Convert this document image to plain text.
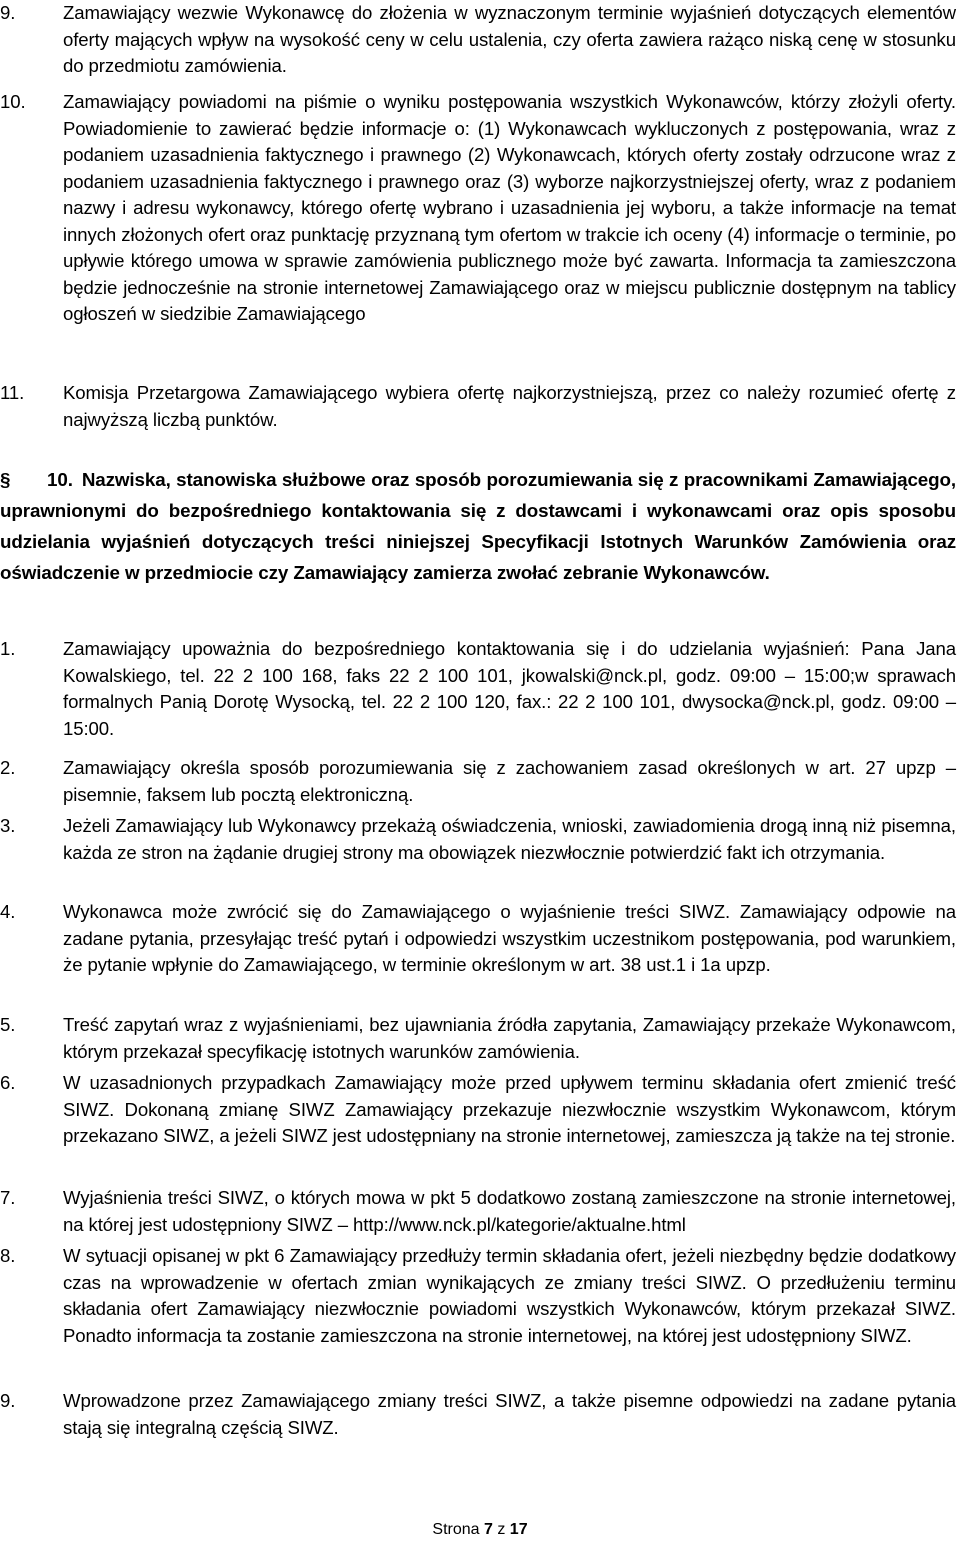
9.	Zamawiający wezwie Wykonawcę do złożenia w wyznaczonym terminie wyjaśnień dotyczących elementów oferty mających wpływ na wysokość ceny w celu ustalenia, czy oferta zawiera rażąco niską cenę w stosunku do przedmiotu zamówienia.
10.	Zamawiający powiadomi na piśmie o wyniku postępowania wszystkich Wykonawców, którzy złożyli oferty. Powiadomienie to zawierać będzie informacje o: (1) Wykonawcach wykluczonych z postępowania, wraz z podaniem uzasadnienia faktycznego i prawnego (2) Wykonawcach, których oferty zostały odrzucone wraz z podaniem uzasadnienia faktycznego i prawnego oraz (3) wyborze najkorzystniejszej oferty, wraz z podaniem nazwy i adresu wykonawcy, którego ofertę wybrano i uzasadnienia jej wyboru, a także informacje na temat innych złożonych ofert oraz punktację przyznaną tym ofertom w trakcie ich oceny (4) informacje o terminie, po upływie którego umowa w sprawie zamówienia publicznego może być zawarta. Informacja ta zamieszczona będzie jednocześnie na stronie internetowej Zamawiającego oraz w miejscu publicznie dostępnym na tablicy ogłoszeń w siedzibie Zamawiającego
11.	Komisja Przetargowa Zamawiającego wybiera ofertę najkorzystniejszą, przez co należy rozumieć ofertę z najwyższą liczbą punktów.
§ 10. Nazwiska, stanowiska służbowe oraz sposób porozumiewania się z pracownikami Zamawiającego, uprawnionymi do bezpośredniego kontaktowania się z dostawcami i wykonawcami oraz opis sposobu udzielania wyjaśnień dotyczących treści niniejszej Specyfikacji Istotnych Warunków Zamówienia oraz oświadczenie w przedmiocie czy Zamawiający zamierza zwołać zebranie Wykonawców.
1.	Zamawiający upoważnia do bezpośredniego kontaktowania się i do udzielania wyjaśnień: Pana Jana Kowalskiego, tel. 22 2 100 168, faks 22 2 100 101, jkowalski@nck.pl, godz. 09:00 – 15:00;w sprawach formalnych Panią Dorotę Wysocką, tel. 22 2 100 120, fax.: 22 2 100 101, dwysocka@nck.pl, godz. 09:00 – 15:00.
2.	Zamawiający określa sposób porozumiewania się z zachowaniem zasad określonych w art. 27 upzp – pisemnie, faksem lub pocztą elektroniczną.
3.	Jeżeli Zamawiający lub Wykonawcy przekażą oświadczenia, wnioski, zawiadomienia drogą inną niż pisemna, każda ze stron na żądanie drugiej strony ma obowiązek niezwłocznie potwierdzić fakt ich otrzymania.
4.	Wykonawca może zwrócić się do Zamawiającego o wyjaśnienie treści SIWZ. Zamawiający odpowie na zadane pytania, przesyłając treść pytań i odpowiedzi wszystkim uczestnikom postępowania, pod warunkiem, że pytanie wpłynie do Zamawiającego, w terminie określonym w art. 38 ust.1 i 1a upzp.
5.	Treść zapytań wraz z wyjaśnieniami, bez ujawniania źródła zapytania, Zamawiający przekaże Wykonawcom, którym przekazał specyfikację istotnych warunków zamówienia.
6.	W uzasadnionych przypadkach Zamawiający może przed upływem terminu składania ofert zmienić treść SIWZ. Dokonaną zmianę SIWZ Zamawiający przekazuje niezwłocznie wszystkim Wykonawcom, którym przekazano SIWZ, a jeżeli SIWZ jest udostępniany na stronie internetowej, zamieszcza ją także na tej stronie.
7.	Wyjaśnienia treści SIWZ, o których mowa w pkt 5 dodatkowo zostaną zamieszczone na stronie internetowej, na której jest udostępniony SIWZ – http://www.nck.pl/kategorie/aktualne.html
8.	W sytuacji opisanej w pkt 6 Zamawiający przedłuży termin składania ofert, jeżeli niezbędny będzie dodatkowy czas na wprowadzenie w ofertach zmian wynikających ze zmiany treści SIWZ. O przedłużeniu terminu składania ofert Zamawiający niezwłocznie powiadomi wszystkich Wykonawców, którym przekazał SIWZ. Ponadto informacja ta zostanie zamieszczona na stronie internetowej, na której jest udostępniony SIWZ.
9.	Wprowadzone przez Zamawiającego zmiany treści SIWZ, a także pisemne odpowiedzi na zadane pytania stają się integralną częścią SIWZ.
Strona 7 z 17
